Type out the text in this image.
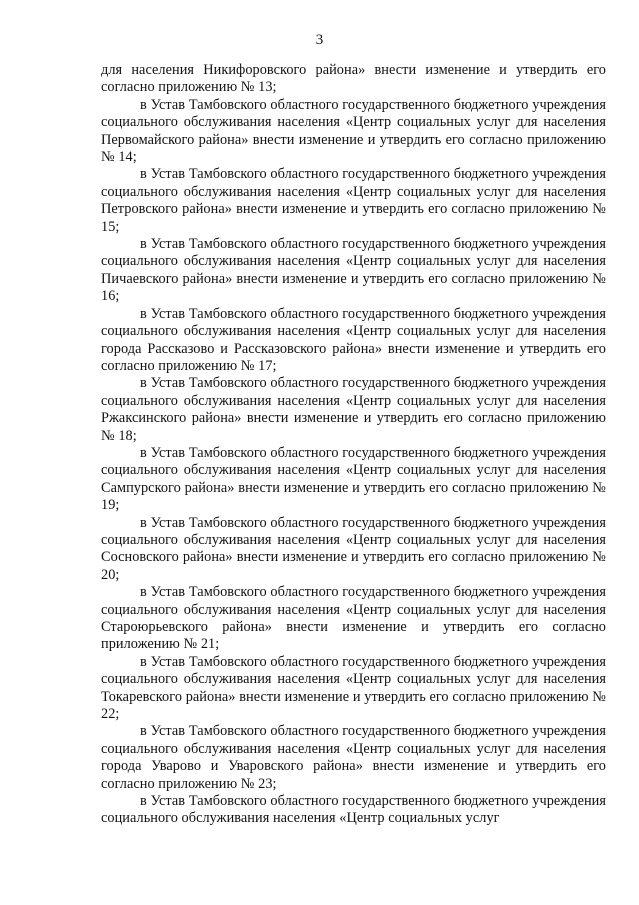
3

для населения Никифоровского района» внести изменение и утвердить его согласно приложению № 13;

в Устав Тамбовского областного государственного бюджетного учреждения социального обслуживания населения «Центр социальных услуг для населения Первомайского района» внести изменение и утвердить его согласно приложению № 14;

в Устав Тамбовского областного государственного бюджетного учреждения социального обслуживания населения «Центр социальных услуг для населения Петровского района» внести изменение и утвердить его согласно приложению № 15;

в Устав Тамбовского областного государственного бюджетного учреждения социального обслуживания населения «Центр социальных услуг для населения Пичаевского района» внести изменение и утвердить его согласно приложению № 16;

в Устав Тамбовского областного государственного бюджетного учреждения социального обслуживания населения «Центр социальных услуг для населения города Рассказово и Рассказовского района» внести изменение и утвердить его согласно приложению № 17;

в Устав Тамбовского областного государственного бюджетного учреждения социального обслуживания населения «Центр социальных услуг для населения Ржаксинского района» внести изменение и утвердить его согласно приложению № 18;

в Устав Тамбовского областного государственного бюджетного учреждения социального обслуживания населения «Центр социальных услуг для населения Сампурского района» внести изменение и утвердить его согласно приложению № 19;

в Устав Тамбовского областного государственного бюджетного учреждения социального обслуживания населения «Центр социальных услуг для населения Сосновского района» внести изменение и утвердить его согласно приложению № 20;

в Устав Тамбовского областного государственного бюджетного учреждения социального обслуживания населения «Центр социальных услуг для населения Староюрьевского района» внести изменение и утвердить его согласно приложению № 21;

в Устав Тамбовского областного государственного бюджетного учреждения социального обслуживания населения «Центр социальных услуг для населения Токаревского района» внести изменение и утвердить его согласно приложению № 22;

в Устав Тамбовского областного государственного бюджетного учреждения социального обслуживания населения «Центр социальных услуг для населения города Уварово и Уваровского района» внести изменение и утвердить его согласно приложению № 23;

в Устав Тамбовского областного государственного бюджетного учреждения социального обслуживания населения «Центр социальных услуг
